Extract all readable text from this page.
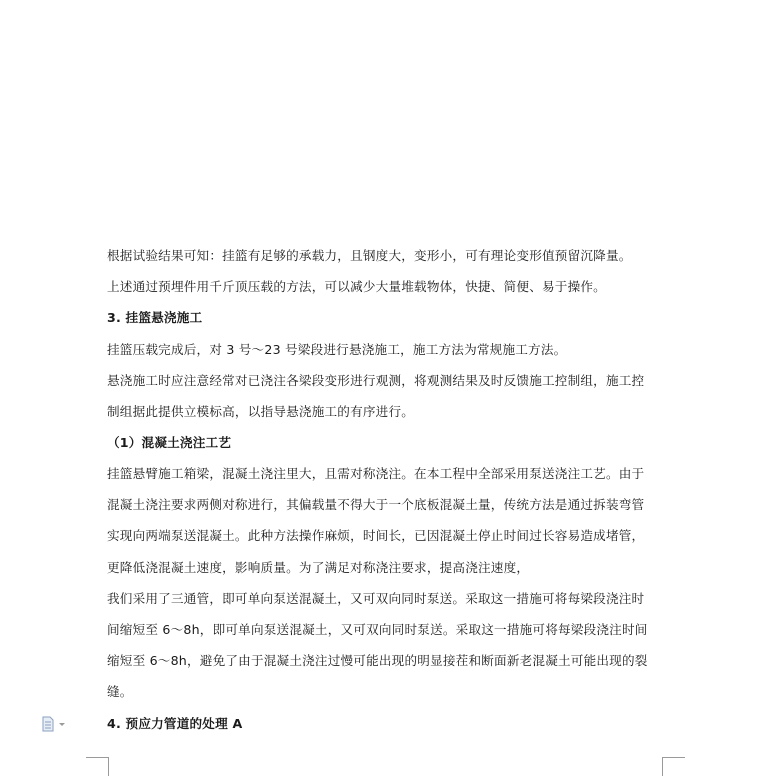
根据试验结果可知：挂篮有足够的承载力，且钢度大，变形小，可有理论变形值预留沉降量。
上述通过预埋件用千斤顶压载的方法，可以减少大量堆载物体，快捷、简便、易于操作。
3. 挂篮悬浇施工
挂篮压载完成后，对 3 号～23 号梁段进行悬浇施工，施工方法为常规施工方法。
悬浇施工时应注意经常对已浇注各梁段变形进行观测，将观测结果及时反馈施工控制组，施工控
制组据此提供立模标高，以指导悬浇施工的有序进行。
（1）混凝土浇注工艺
挂篮悬臂施工箱梁，混凝土浇注里大，且需对称浇注。在本工程中全部采用泵送浇注工艺。由于
混凝土浇注要求两侧对称进行，其偏载量不得大于一个底板混凝土量，传统方法是通过拆装弯管
实现向两端泵送混凝土。此种方法操作麻烦，时间长，已因混凝土停止时间过长容易造成堵管，
更降低浇混凝土速度，影响质量。为了满足对称浇注要求，提高浇注速度，
我们采用了三通管，即可单向泵送混凝土，又可双向同时泵送。采取这一措施可将每梁段浇注时
间缩短至 6～8h，即可单向泵送混凝土，又可双向同时泵送。采取这一措施可将每梁段浇注时间
缩短至 6～8h，避免了由于混凝土浇注过慢可能出现的明显接茬和断面新老混凝土可能出现的裂
缝。
4. 预应力管道的处理 A
